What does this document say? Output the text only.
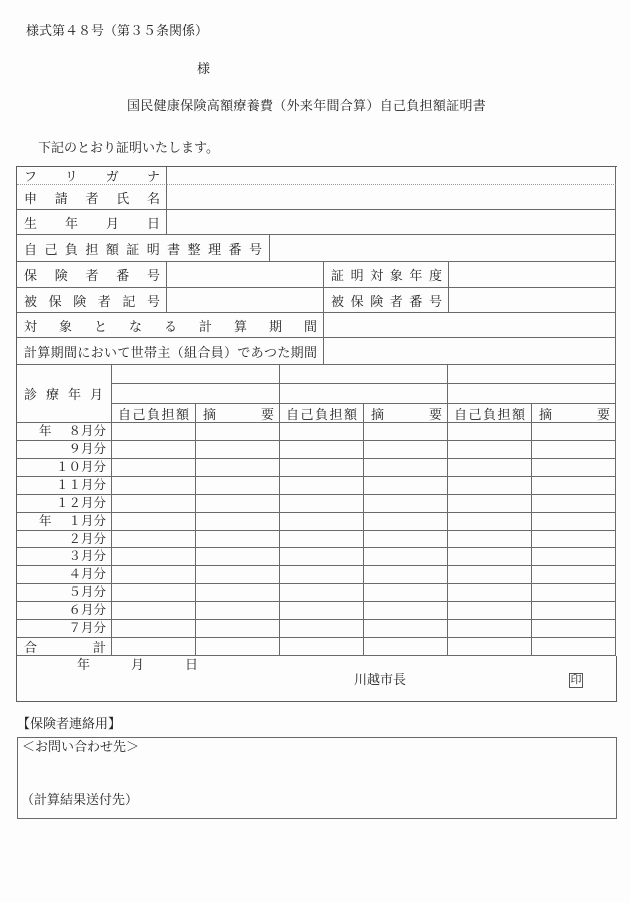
様式第４８号（第３５条関係）
様
国民健康保険高額療養費（外来年間合算）自己負担額証明書
下記のとおり証明いたします。
フリガナ
申請者氏名
生年月日
自己負担額証明書整理番号
保険者番号	証明対象年度
被保険者記号	被保険者番号
対象となる計算期間
計算期間において世帯主（組合員）であつた期間
診療年月
自己負担額 摘要 自己負担額 摘要 自己負担額 摘要
年 ８月分
９月分
１０月分
１１月分
１２月分
年 １月分
２月分
３月分
４月分
５月分
６月分
７月分
合計
年	月	日
川越市長	印
【保険者連絡用】
＜お問い合わせ先＞
（計算結果送付先）
